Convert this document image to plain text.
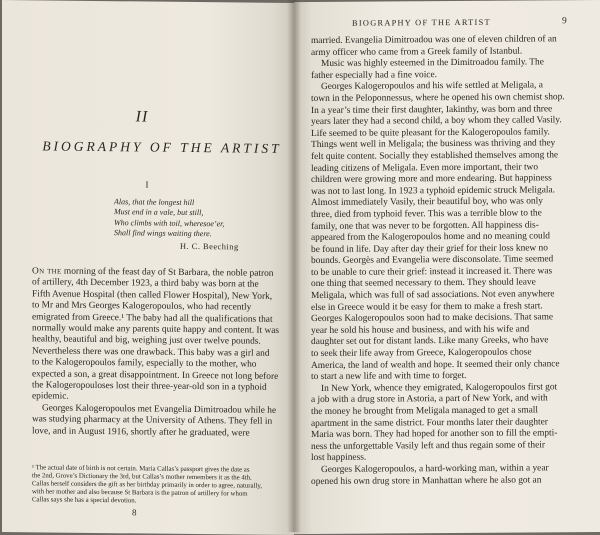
II
BIOGRAPHY OF THE ARTIST
I
Alas, that the longest hill
Must end in a vale, but still,
Who climbs with toil, wheresoe’er,
Shall find wings waiting there.
H. C. Beeching
On the morning of the feast day of St Barbara, the noble patron
of artillery, 4th December 1923, a third baby was born at the
Fifth Avenue Hospital (then called Flower Hospital), New York,
to Mr and Mrs Georges Kalogeropoulos, who had recently
emigrated from Greece.¹ The baby had all the qualifications that
normally would make any parents quite happy and content. It was
healthy, beautiful and big, weighing just over twelve pounds.
Nevertheless there was one drawback. This baby was a girl and
to the Kalogeropoulos family, especially to the mother, who
expected a son, a great disappointment. In Greece not long before
the Kalogeropouloses lost their three-year-old son in a typhoid
epidemic.
Georges Kalogeropoulos met Evangelia Dimitroadou while he
was studying pharmacy at the University of Athens. They fell in
love, and in August 1916, shortly after he graduated, were
¹ The actual date of birth is not certain. Maria Callas’s passport gives the date as
the 2nd, Grove’s Dictionary the 3rd, but Callas’s mother remembers it as the 4th.
Callas herself considers the gift as her birthday primarily in order to agree, naturally,
with her mother and also because St Barbara is the patron of artillery for whom
Callas says she has a special devotion.
8
BIOGRAPHY OF THE ARTIST	9
married. Evangelia Dimitroadou was one of eleven children of an
army officer who came from a Greek family of Istanbul.
Music was highly esteemed in the Dimitroadou family. The
father especially had a fine voice.
Georges Kalogeropoulos and his wife settled at Meligala, a
town in the Peloponnessus, where he opened his own chemist shop.
In a year’s time their first daughter, Iakinthy, was born and three
years later they had a second child, a boy whom they called Vasily.
Life seemed to be quite pleasant for the Kalogeropoulos family.
Things went well in Meligala; the business was thriving and they
felt quite content. Socially they established themselves among the
leading citizens of Meligala. Even more important, their two
children were growing more and more endearing. But happiness
was not to last long. In 1923 a typhoid epidemic struck Meligala.
Almost immediately Vasily, their beautiful boy, who was only
three, died from typhoid fever. This was a terrible blow to the
family, one that was never to be forgotten. All happiness dis-
appeared from the Kalogeropoulos home and no meaning could
be found in life. Day after day their grief for their loss knew no
bounds. Georgès and Evangelia were disconsolate. Time seemed
to be unable to cure their grief: instead it increased it. There was
one thing that seemed necessary to them. They should leave
Meligala, which was full of sad associations. Not even anywhere
else in Greece would it be easy for them to make a fresh start.
Georges Kalogeropoulos soon had to make decisions. That same
year he sold his house and business, and with his wife and
daughter set out for distant lands. Like many Greeks, who have
to seek their life away from Greece, Kalogeropoulos chose
America, the land of wealth and hope. It seemed their only chance
to start a new life and with time to forget.
In New York, whence they emigrated, Kalogeropoulos first got
a job with a drug store in Astoria, a part of New York, and with
the money he brought from Meligala managed to get a small
apartment in the same district. Four months later their daughter
Maria was born. They had hoped for another son to fill the empti-
ness the unforgettable Vasily left and thus regain some of their
lost happiness.
Georges Kalogeropoulos, a hard-working man, within a year
opened his own drug store in Manhattan where he also got an
